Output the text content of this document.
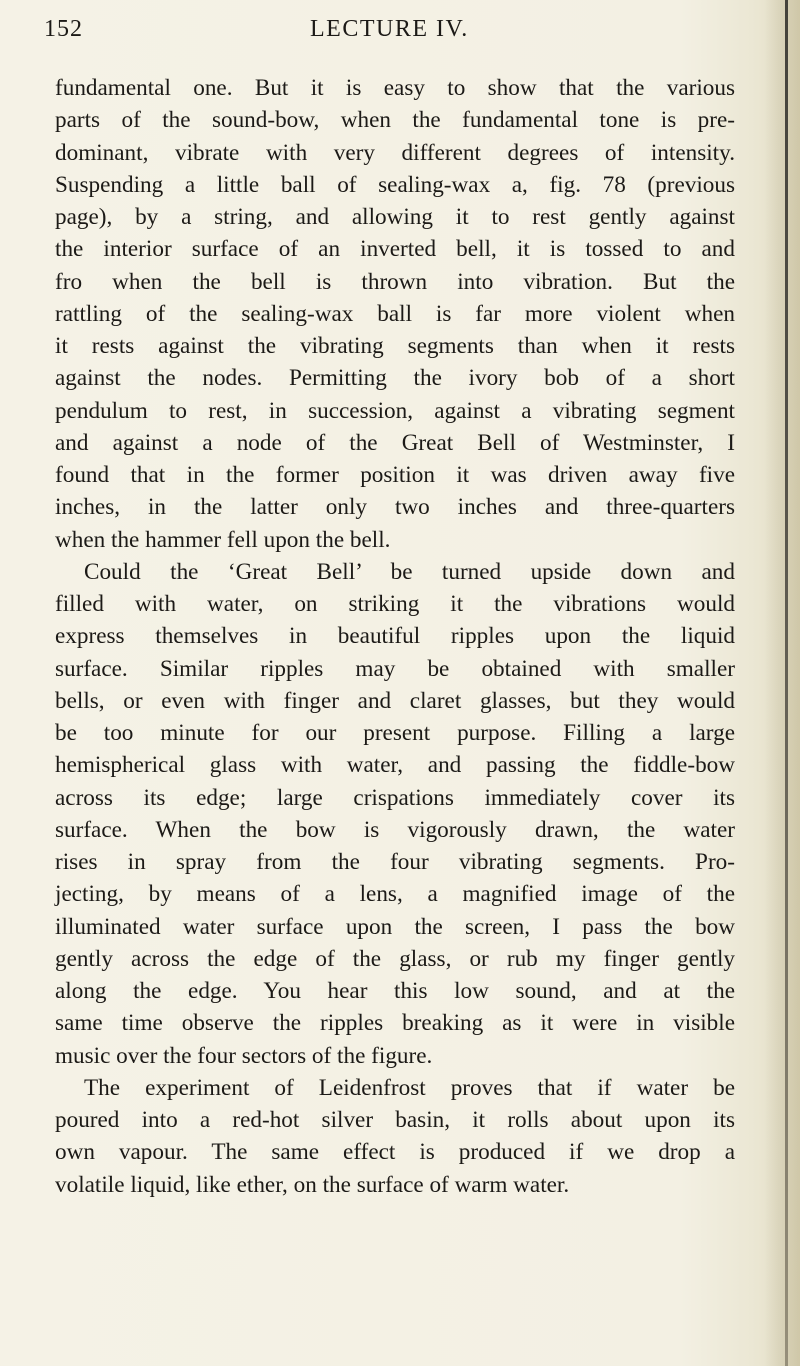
152	LECTURE IV.
fundamental one. But it is easy to show that the various
parts of the sound-bow, when the fundamental tone is pre-
dominant, vibrate with very different degrees of intensity.
Suspending a little ball of sealing-wax a, fig. 78 (previous
page), by a string, and allowing it to rest gently against
the interior surface of an inverted bell, it is tossed to and
fro when the bell is thrown into vibration. But the
rattling of the sealing-wax ball is far more violent when
it rests against the vibrating segments than when it rests
against the nodes. Permitting the ivory bob of a short
pendulum to rest, in succession, against a vibrating segment
and against a node of the Great Bell of Westminster, I
found that in the former position it was driven away five
inches, in the latter only two inches and three-quarters
when the hammer fell upon the bell.
Could the ‘Great Bell’ be turned upside down and
filled with water, on striking it the vibrations would
express themselves in beautiful ripples upon the liquid
surface. Similar ripples may be obtained with smaller
bells, or even with finger and claret glasses, but they would
be too minute for our present purpose. Filling a large
hemispherical glass with water, and passing the fiddle-bow
across its edge; large crispations immediately cover its
surface. When the bow is vigorously drawn, the water
rises in spray from the four vibrating segments. Pro-
jecting, by means of a lens, a magnified image of the
illuminated water surface upon the screen, I pass the bow
gently across the edge of the glass, or rub my finger gently
along the edge. You hear this low sound, and at the
same time observe the ripples breaking as it were in visible
music over the four sectors of the figure.
The experiment of Leidenfrost proves that if water be
poured into a red-hot silver basin, it rolls about upon its
own vapour. The same effect is produced if we drop a
volatile liquid, like ether, on the surface of warm water.
